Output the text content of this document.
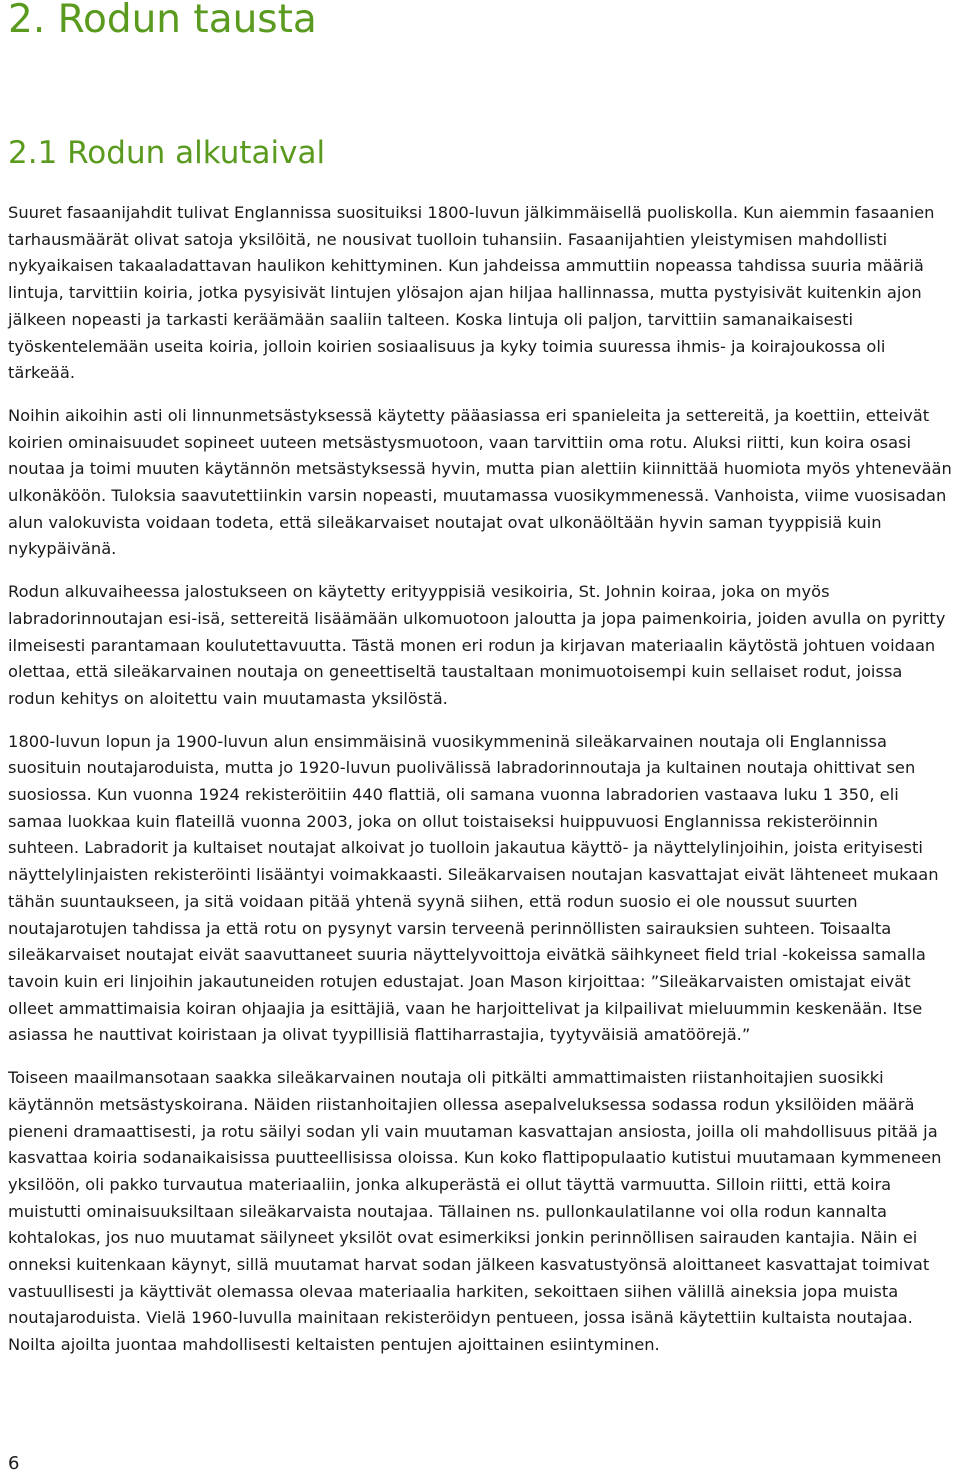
2. Rodun tausta
2.1 Rodun alkutaival

Suuret fasaanijahdit tulivat Englannissa suosituiksi 1800-luvun jälkimmäisellä puoliskolla. Kun aiemmin fasaanien tarhausmäärät olivat satoja yksilöitä, ne nousivat tuolloin tuhansiin. Fasaanijahtien yleistymisen mahdollisti nykyaikaisen takaaladattavan haulikon kehittyminen. Kun jahdeissa ammuttiin nopeassa tahdissa suuria määriä lintuja, tarvittiin koiria, jotka pysyisivät lintujen ylösajon ajan hiljaa hallinnassa, mutta pystyisivät kuitenkin ajon jälkeen nopeasti ja tarkasti keräämään saaliin talteen. Koska lintuja oli paljon, tarvittiin samanaikaisesti työskentelemään useita koiria, jolloin koirien sosiaalisuus ja kyky toimia suuressa ihmis- ja koirajoukossa oli tärkeää.

Noihin aikoihin asti oli linnunmetsästyksessä käytetty pääasiassa eri spanieleita ja settereitä, ja koettiin, etteivät koirien ominaisuudet sopineet uuteen metsästysmuotoon, vaan tarvittiin oma rotu. Aluksi riitti, kun koira osasi noutaa ja toimi muuten käytännön metsästyksessä hyvin, mutta pian alettiin kiinnittää huomiota myös yhtenevään ulkonäköön. Tuloksia saavutettiinkin varsin nopeasti, muutamassa vuosikymmenessä. Vanhoista, viime vuosisadan alun valokuvista voidaan todeta, että sileäkarvaiset noutajat ovat ulkonäöltään hyvin saman tyyppisiä kuin nykypäivänä.

Rodun alkuvaiheessa jalostukseen on käytetty erityyppisiä vesikoiria, St. Johnin koiraa, joka on myös labradorinnoutajan esi-isä, settereitä lisäämään ulkomuotoon jaloutta ja jopa paimenkoiria, joiden avulla on pyritty ilmeisesti parantamaan koulutettavuutta. Tästä monen eri rodun ja kirjavan materiaalin käytöstä johtuen voidaan olettaa, että sileäkarvainen noutaja on geneettiseltä taustaltaan monimuotoisempi kuin sellaiset rodut, joissa rodun kehitys on aloitettu vain muutamasta yksilöstä.

1800-luvun lopun ja 1900-luvun alun ensimmäisinä vuosikymmeninä sileäkarvainen noutaja oli Englannissa suosituin noutajaroduista, mutta jo 1920-luvun puolivälissä labradorinnoutaja ja kultainen noutaja ohittivat sen suosiossa. Kun vuonna 1924 rekisteröitiin 440 flattiä, oli samana vuonna labradorien vastaava luku 1 350, eli samaa luokkaa kuin flateillä vuonna 2003, joka on ollut toistaiseksi huippuvuosi Englannissa rekisteröinnin suhteen. Labradorit ja kultaiset noutajat alkoivat jo tuolloin jakautua käyttö- ja näyttelylinjoihin, joista erityisesti näyttelylinjaisten rekisteröinti lisääntyi voimakkaasti. Sileäkarvaisen noutajan kasvattajat eivät lähteneet mukaan tähän suuntaukseen, ja sitä voidaan pitää yhtenä syynä siihen, että rodun suosio ei ole noussut suurten noutajarotujen tahdissa ja että rotu on pysynyt varsin terveenä perinnöllisten sairauksien suhteen. Toisaalta sileäkarvaiset noutajat eivät saavuttaneet suuria näyttelyvoittoja eivätkä säihkyneet field trial -kokeissa samalla tavoin kuin eri linjoihin jakautuneiden rotujen edustajat. Joan Mason kirjoittaa: ”Sileäkarvaisten omistajat eivät olleet ammattimaisia koiran ohjaajia ja esittäjiä, vaan he harjoittelivat ja kilpailivat mieluummin keskenään. Itse asiassa he nauttivat koiristaan ja olivat tyypillisiä flattiharrastajia, tyytyväisiä amatöörejä.”

Toiseen maailmansotaan saakka sileäkarvainen noutaja oli pitkälti ammattimaisten riistanhoitajien suosikki käytännön metsästyskoirana. Näiden riistanhoitajien ollessa asepalveluksessa sodassa rodun yksilöiden määrä pieneni dramaattisesti, ja rotu säilyi sodan yli vain muutaman kasvattajan ansiosta, joilla oli mahdollisuus pitää ja kasvattaa koiria sodanaikaisissa puutteellisissa oloissa. Kun koko flattipopulaatio kutistui muutamaan kymmeneen yksilöön, oli pakko turvautua materiaaliin, jonka alkuperästä ei ollut täyttä varmuutta. Silloin riitti, että koira muistutti ominaisuuksiltaan sileäkarvaista noutajaa. Tällainen ns. pullonkaulatilanne voi olla rodun kannalta kohtalokas, jos nuo muutamat säilyneet yksilöt ovat esimerkiksi jonkin perinnöllisen sairauden kantajia. Näin ei onneksi kuitenkaan käynyt, sillä muutamat harvat sodan jälkeen kasvatustyönsä aloittaneet kasvattajat toimivat vastuullisesti ja käyttivät olemassa olevaa materiaalia harkiten, sekoittaen siihen välillä aineksia jopa muista noutajaroduista. Vielä 1960-luvulla mainitaan rekisteröidyn pentueen, jossa isänä käytettiin kultaista noutajaa. Noilta ajoilta juontaa mahdollisesti keltaisten pentujen ajoittainen esiintyminen.

6
